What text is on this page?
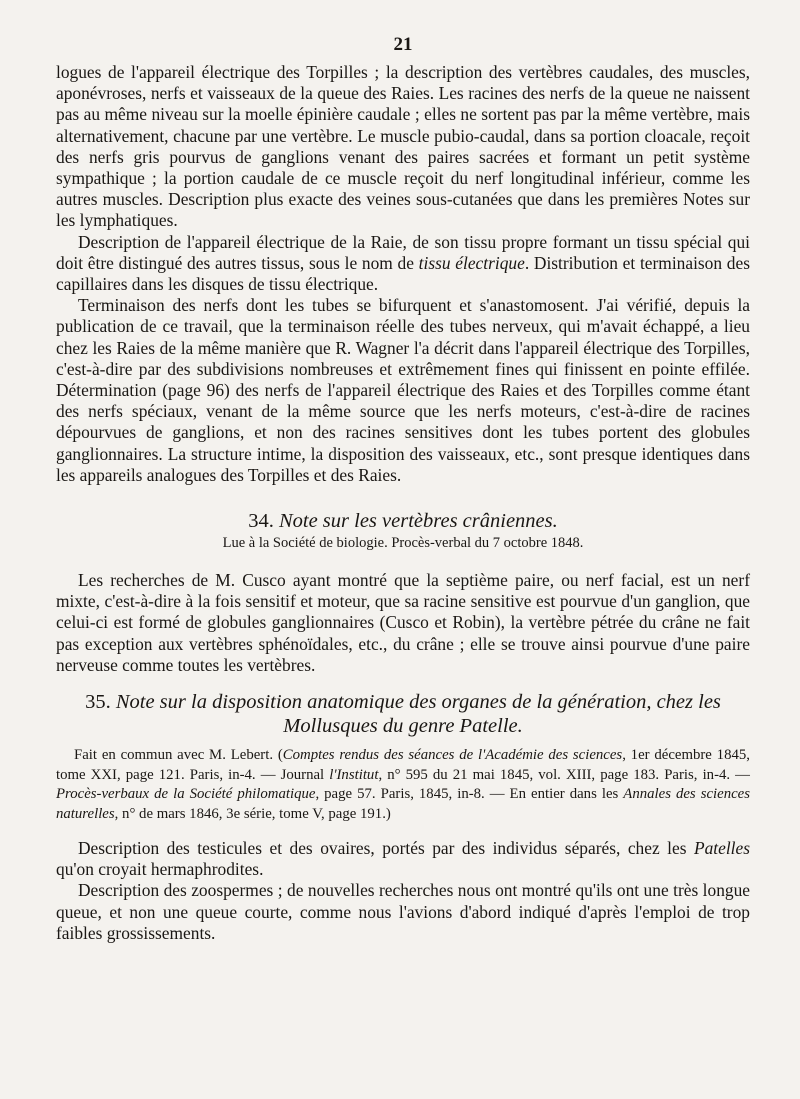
21

logues de l'appareil électrique des Torpilles ; la description des vertèbres caudales, des muscles, aponévroses, nerfs et vaisseaux de la queue des Raies. Les racines des nerfs de la queue ne naissent pas au même niveau sur la moelle épinière caudale ; elles ne sortent pas par la même vertèbre, mais alternativement, chacune par une vertèbre. Le muscle pubio-caudal, dans sa portion cloacale, reçoit des nerfs gris pourvus de ganglions venant des paires sacrées et formant un petit système sympathique ; la portion caudale de ce muscle reçoit du nerf longitudinal inférieur, comme les autres muscles. Description plus exacte des veines sous-cutanées que dans les premières Notes sur les lymphatiques.

Description de l'appareil électrique de la Raie, de son tissu propre formant un tissu spécial qui doit être distingué des autres tissus, sous le nom de tissu électrique. Distribution et terminaison des capillaires dans les disques de tissu électrique.

Terminaison des nerfs dont les tubes se bifurquent et s'anastomosent. J'ai vérifié, depuis la publication de ce travail, que la terminaison réelle des tubes nerveux, qui m'avait échappé, a lieu chez les Raies de la même manière que R. Wagner l'a décrit dans l'appareil électrique des Torpilles, c'est-à-dire par des subdivisions nombreuses et extrêmement fines qui finissent en pointe effilée. Détermination (page 96) des nerfs de l'appareil électrique des Raies et des Torpilles comme étant des nerfs spéciaux, venant de la même source que les nerfs moteurs, c'est-à-dire de racines dépourvues de ganglions, et non des racines sensitives dont les tubes portent des globules ganglionnaires. La structure intime, la disposition des vaisseaux, etc., sont presque identiques dans les appareils analogues des Torpilles et des Raies.

34. Note sur les vertèbres crâniennes.
Lue à la Société de biologie. Procès-verbal du 7 octobre 1848.

Les recherches de M. Cusco ayant montré que la septième paire, ou nerf facial, est un nerf mixte, c'est-à-dire à la fois sensitif et moteur, que sa racine sensitive est pourvue d'un ganglion, que celui-ci est formé de globules ganglionnaires (Cusco et Robin), la vertèbre pétrée du crâne ne fait pas exception aux vertèbres sphénoïdales, etc., du crâne ; elle se trouve ainsi pourvue d'une paire nerveuse comme toutes les vertèbres.

35. Note sur la disposition anatomique des organes de la génération, chez les Mollusques du genre Patelle.

Fait en commun avec M. Lebert. (Comptes rendus des séances de l'Académie des sciences, 1er décembre 1845, tome XXI, page 121. Paris, in-4. — Journal l'Institut, n° 595 du 21 mai 1845, vol. XIII, page 183. Paris, in-4. — Procès-verbaux de la Société philomatique, page 57. Paris, 1845, in-8. — En entier dans les Annales des sciences naturelles, n° de mars 1846, 3e série, tome V, page 191.)

Description des testicules et des ovaires, portés par des individus séparés, chez les Patelles qu'on croyait hermaphrodites.

Description des zoospermes ; de nouvelles recherches nous ont montré qu'ils ont une très longue queue, et non une queue courte, comme nous l'avions d'abord indiqué d'après l'emploi de trop faibles grossissements.
